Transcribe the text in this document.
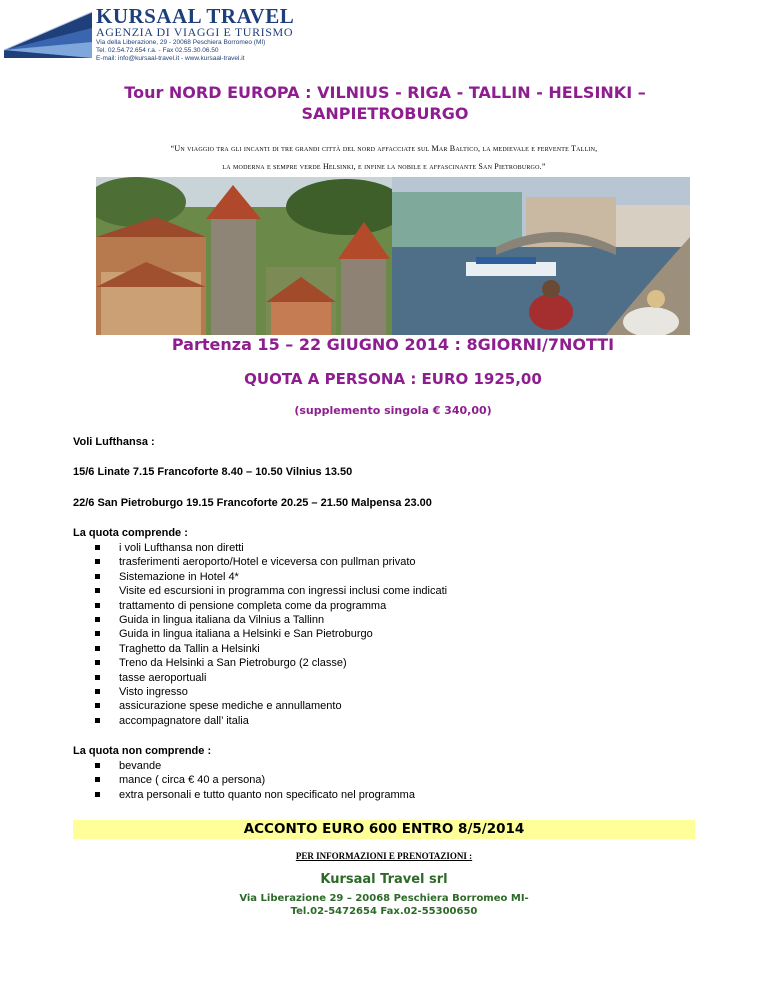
KURSAAL TRAVEL
AGENZIA DI VIAGGI E TURISMO
Via della Liberazione, 29 - 20068 Peschiera Borromeo (MI)
Tel. 02.54.72.654 r.a. - Fax 02.55.30.06.50
E-mail: info@kursaal-travel.it - www.kursaal-travel.it
Tour NORD EUROPA : VILNIUS - RIGA - TALLIN - HELSINKI –
SANPIETROBURGO
“Un viaggio tra gli incanti di tre grandi città del nord affacciate sul Mar Baltico, la medievale e fervente Tallin,
la moderna e sempre verde Helsinki, e infine la nobile e affascinante San Pietroburgo.”
Partenza 15 – 22 GIUGNO 2014 : 8GIORNI/7NOTTI
QUOTA A PERSONA : EURO 1925,00
(supplemento singola € 340,00)
Voli Lufthansa :
15/6 Linate 7.15 Francoforte 8.40 – 10.50 Vilnius 13.50
22/6 San Pietroburgo 19.15 Francoforte 20.25 – 21.50 Malpensa 23.00
La quota comprende :
i voli Lufthansa non diretti
trasferimenti aeroporto/Hotel e viceversa con pullman privato
Sistemazione in Hotel 4*
Visite ed escursioni in programma con ingressi inclusi come indicati
trattamento di pensione completa come da programma
Guida in lingua italiana da Vilnius a Tallinn
Guida in lingua italiana a Helsinki e San Pietroburgo
Traghetto da Tallin a Helsinki
Treno da Helsinki a San Pietroburgo (2 classe)
tasse aeroportuali
Visto ingresso
assicurazione spese mediche e annullamento
accompagnatore dall’ italia
La quota non comprende :
bevande
mance ( circa € 40 a persona)
extra personali e tutto quanto non specificato nel programma
ACCONTO EURO 600 ENTRO 8/5/2014
PER INFORMAZIONI E PRENOTAZIONI :
Kursaal Travel srl
Via Liberazione 29 – 20068 Peschiera Borromeo MI-
Tel.02-5472654 Fax.02-55300650
